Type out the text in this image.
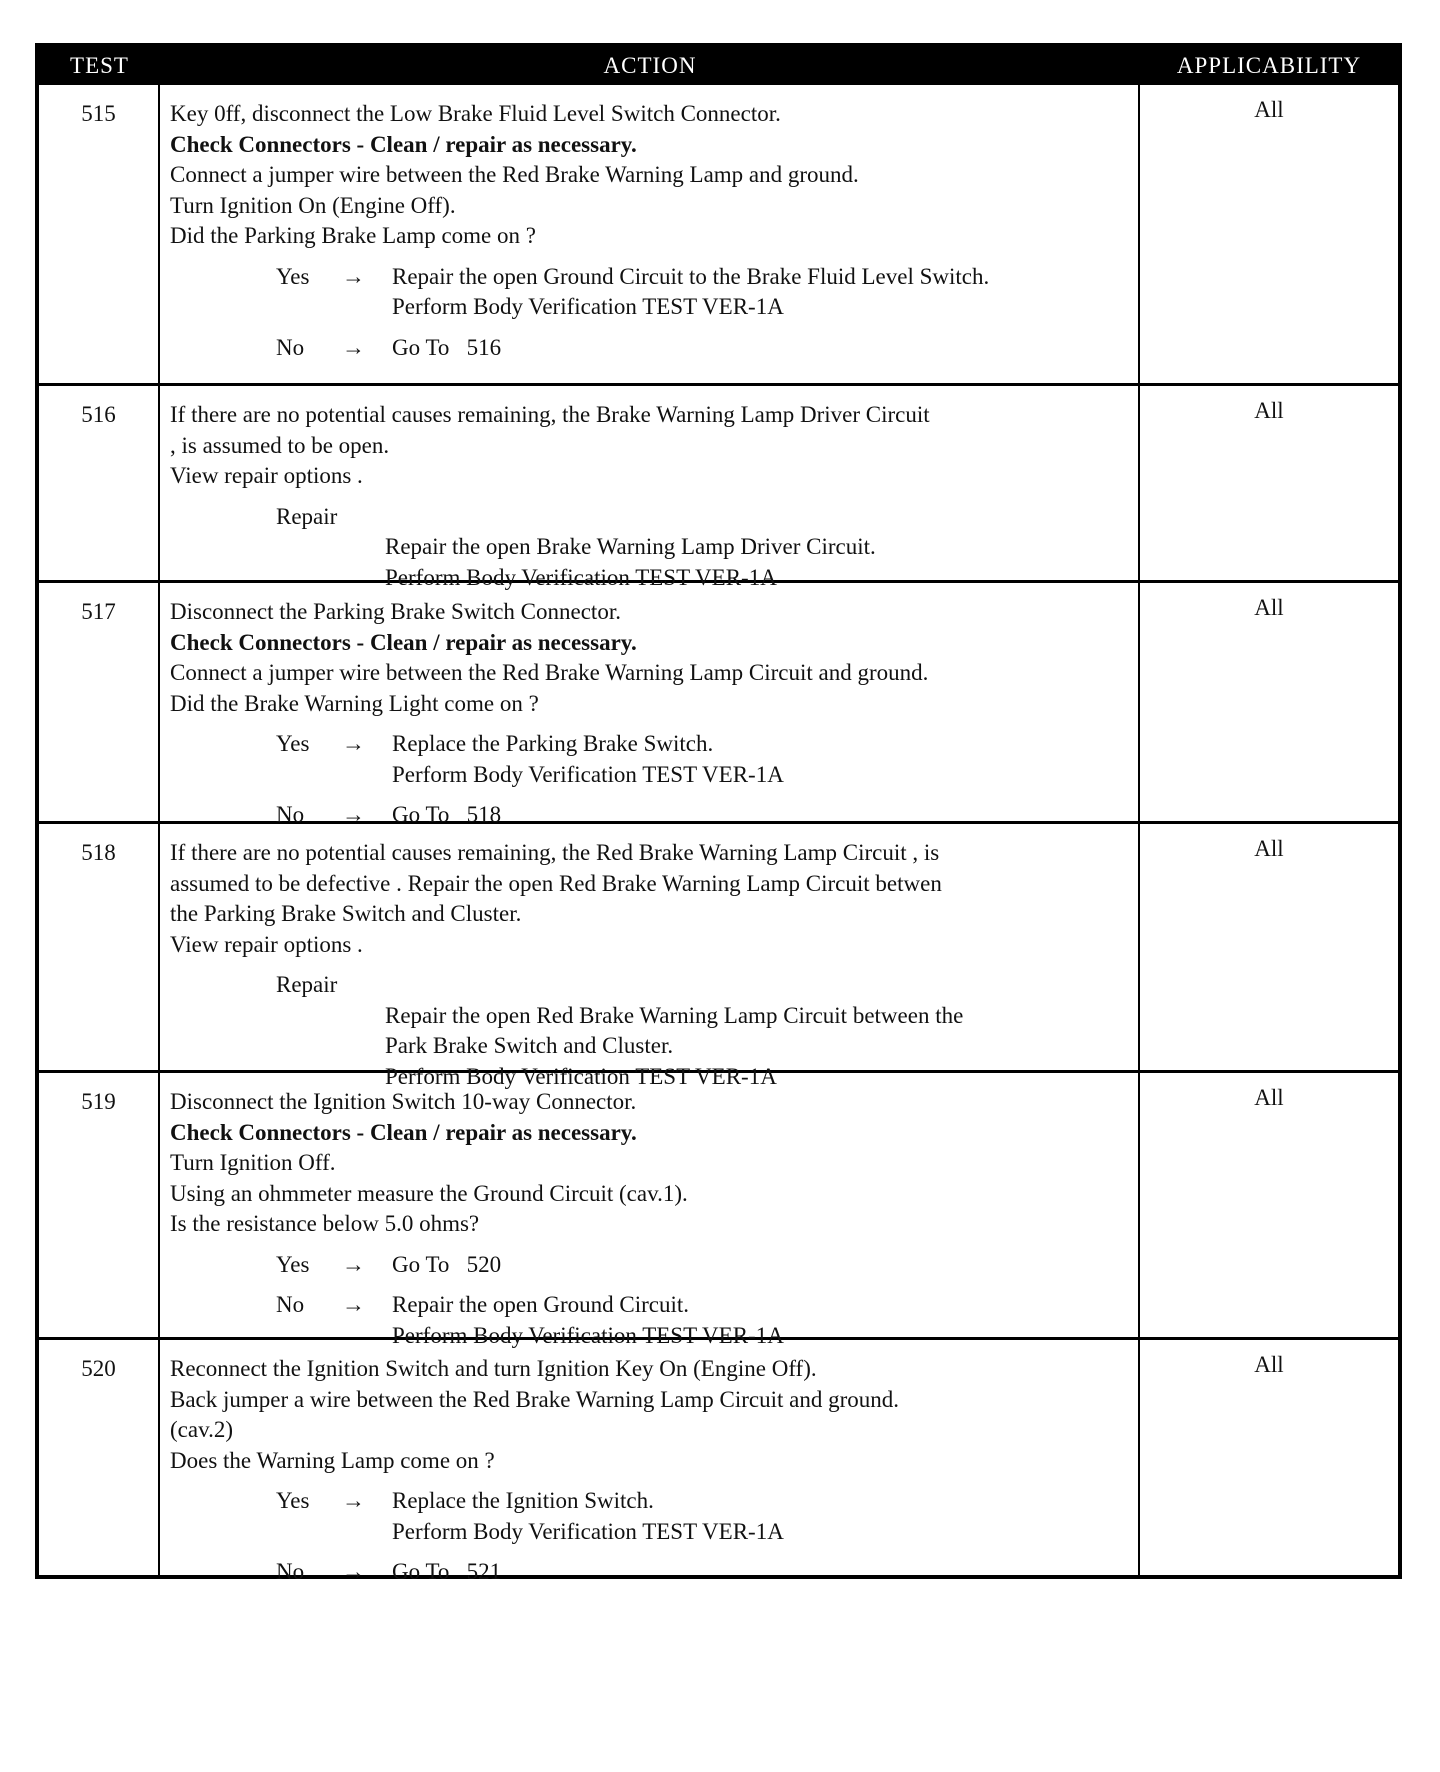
TEST	ACTION	APPLICABILITY
515	Key 0ff, disconnect the Low Brake Fluid Level Switch Connector.
Check Connectors - Clean / repair as necessary.
Connect a jumper wire between the Red Brake Warning Lamp and ground.
Turn Ignition On (Engine Off).
Did the Parking Brake Lamp come on ?
Yes	→	Repair the open Ground Circuit to the Brake Fluid Level Switch.
Perform Body Verification TEST VER-1A
No	→	Go To   516
All
516	If there are no potential causes remaining, the Brake Warning Lamp Driver Circuit
, is assumed to be open.
View repair options .
Repair
Repair the open Brake Warning Lamp Driver Circuit.
Perform Body Verification TEST VER-1A
All
517	Disconnect the Parking Brake Switch Connector.
Check Connectors - Clean / repair as necessary.
Connect a jumper wire between the Red Brake Warning Lamp Circuit and ground.
Did the Brake Warning Light come on ?
Yes	→	Replace the Parking Brake Switch.
Perform Body Verification TEST VER-1A
No	→	Go To   518
All
518	If there are no potential causes remaining, the Red Brake Warning Lamp Circuit , is
assumed to be defective . Repair the open Red Brake Warning Lamp Circuit betwen
the Parking Brake Switch and Cluster.
View repair options .
Repair
Repair the open Red Brake Warning Lamp Circuit between the
Park Brake Switch and Cluster.
Perform Body Verification TEST VER-1A
All
519	Disconnect the Ignition Switch 10-way Connector.
Check Connectors - Clean / repair as necessary.
Turn Ignition Off.
Using an ohmmeter measure the Ground Circuit (cav.1).
Is the resistance below 5.0 ohms?
Yes	→	Go To   520
No	→	Repair the open Ground Circuit.
Perform Body Verification TEST VER-1A
All
520	Reconnect the Ignition Switch and turn Ignition Key On (Engine Off).
Back jumper a wire between the Red Brake Warning Lamp Circuit and ground.
(cav.2)
Does the Warning Lamp come on ?
Yes	→	Replace the Ignition Switch.
Perform Body Verification TEST VER-1A
No	→	Go To   521
All
